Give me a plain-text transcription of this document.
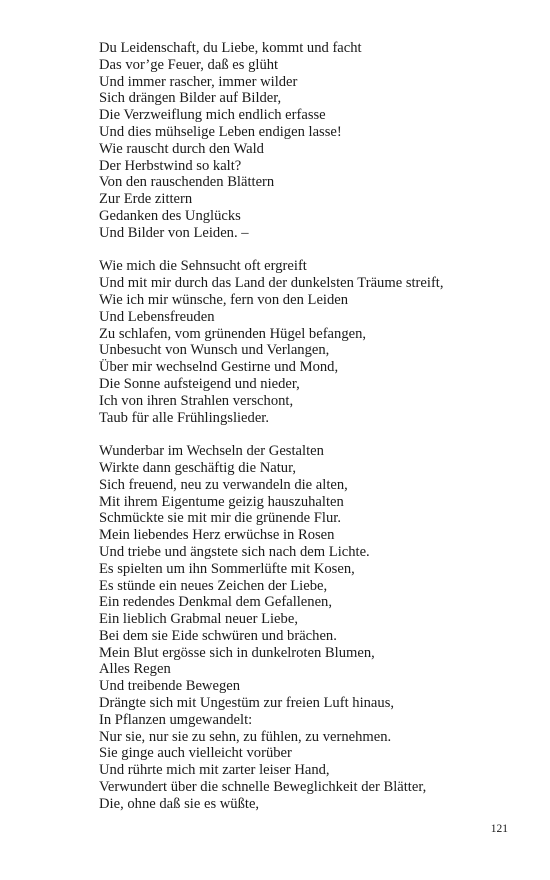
Du Leidenschaft, du Liebe, kommt und facht
Das vor’ge Feuer, daß es glüht
Und immer rascher, immer wilder
Sich drängen Bilder auf Bilder,
Die Verzweiflung mich endlich erfasse
Und dies mühselige Leben endigen lasse!
Wie rauscht durch den Wald
Der Herbstwind so kalt?
Von den rauschenden Blättern
Zur Erde zittern
Gedanken des Unglücks
Und Bilder von Leiden. –
Wie mich die Sehnsucht oft ergreift
Und mit mir durch das Land der dunkelsten Träume streift,
Wie ich mir wünsche, fern von den Leiden
Und Lebensfreuden
Zu schlafen, vom grünenden Hügel befangen,
Unbesucht von Wunsch und Verlangen,
Über mir wechselnd Gestirne und Mond,
Die Sonne aufsteigend und nieder,
Ich von ihren Strahlen verschont,
Taub für alle Frühlingslieder.
Wunderbar im Wechseln der Gestalten
Wirkte dann geschäftig die Natur,
Sich freuend, neu zu verwandeln die alten,
Mit ihrem Eigentume geizig hauszuhalten
Schmückte sie mit mir die grünende Flur.
Mein liebendes Herz erwüchse in Rosen
Und triebe und ängstete sich nach dem Lichte.
Es spielten um ihn Sommerlüfte mit Kosen,
Es stünde ein neues Zeichen der Liebe,
Ein redendes Denkmal dem Gefallenen,
Ein lieblich Grabmal neuer Liebe,
Bei dem sie Eide schwüren und brächen.
Mein Blut ergösse sich in dunkelroten Blumen,
Alles Regen
Und treibende Bewegen
Drängte sich mit Ungestüm zur freien Luft hinaus,
In Pflanzen umgewandelt:
Nur sie, nur sie zu sehn, zu fühlen, zu vernehmen.
Sie ginge auch vielleicht vorüber
Und rührte mich mit zarter leiser Hand,
Verwundert über die schnelle Beweglichkeit der Blätter,
Die, ohne daß sie es wüßte,
121
